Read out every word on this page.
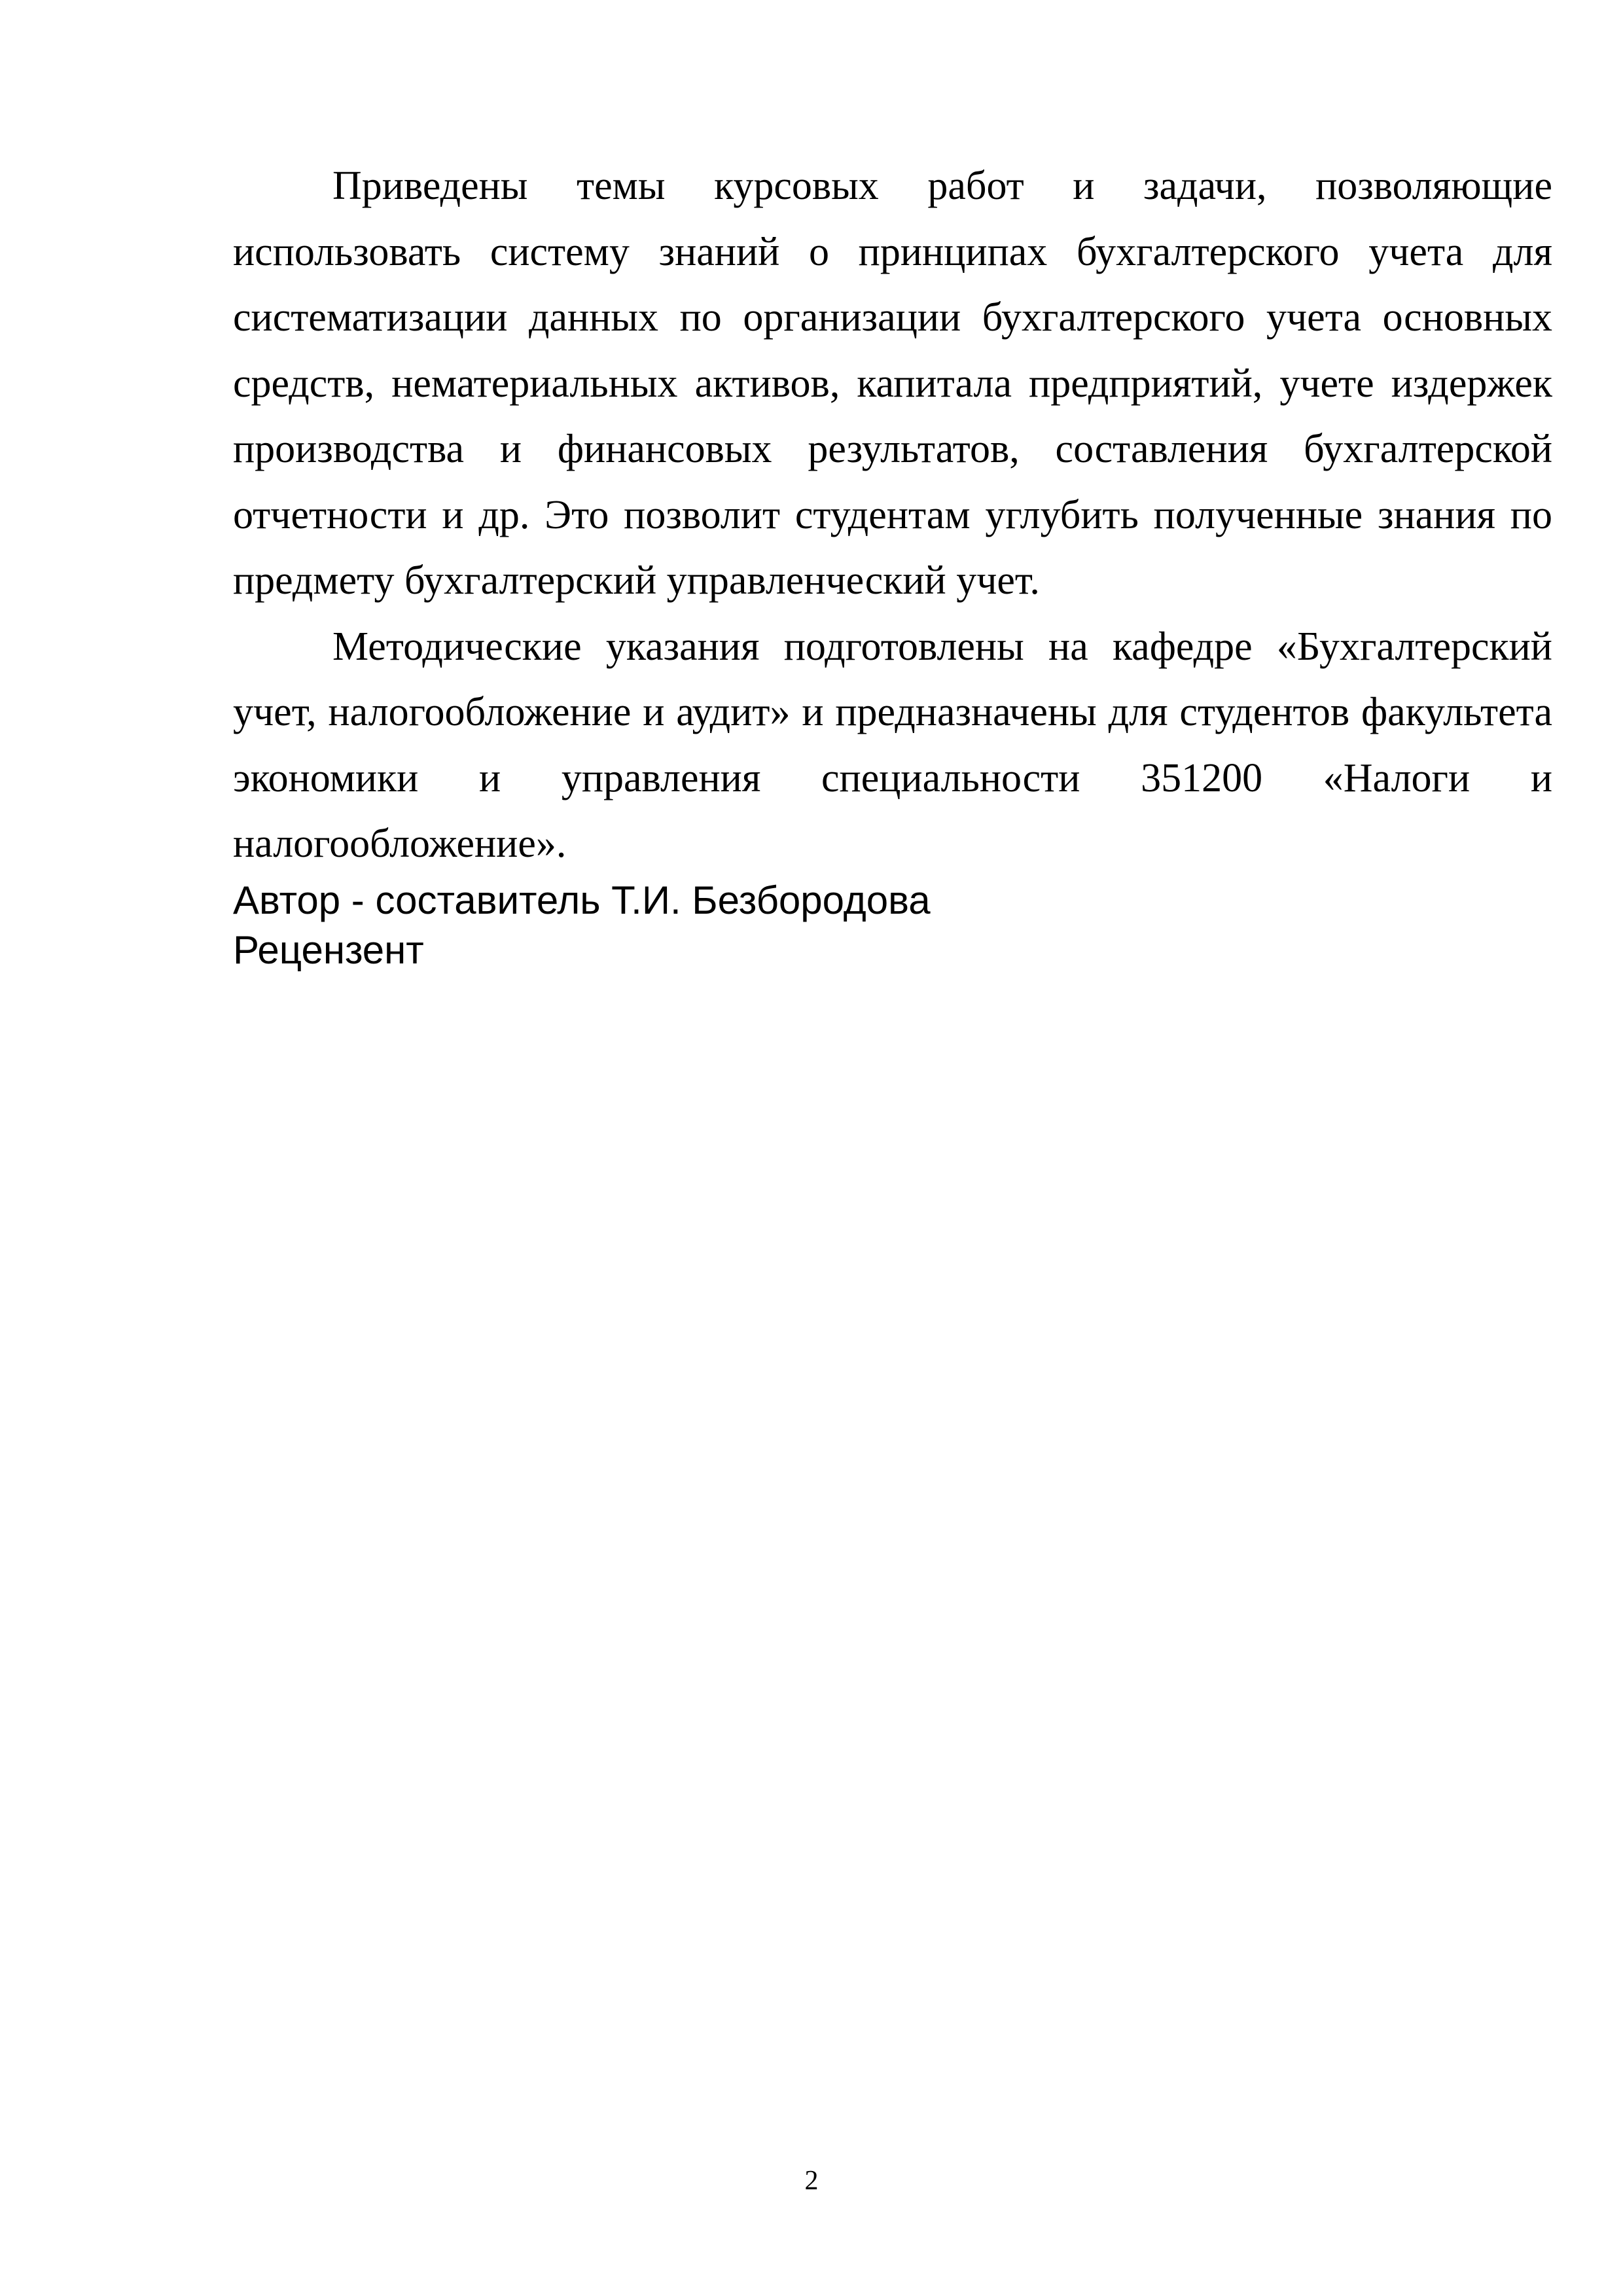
Приведены темы курсовых работ и задачи, позволяющие использовать систему знаний о принципах бухгалтерского учета для систематизации данных по организации бухгалтерского учета основных средств, нематериальных активов, капитала предприятий, учете издержек производства и финансовых результатов, составления бухгалтерской отчетности и др. Это позволит студентам углубить полученные знания по предмету бухгалтерский управленческий учет.

Методические указания подготовлены на кафедре «Бухгалтерский учет, налогообложение и аудит» и предназначены для студентов факультета экономики и управления специальности 351200 «Налоги и налогообложение».

Автор - составитель Т.И. Безбородова
Рецензент
2
